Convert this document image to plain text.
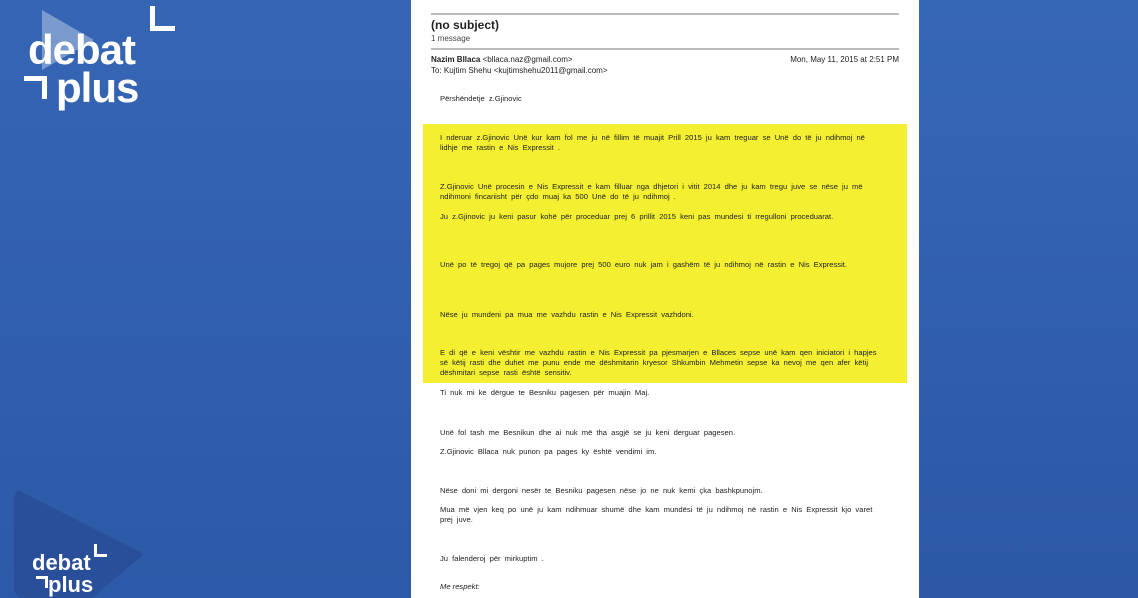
debat
plus
debat
plus
(no subject)
1 message
Nazim Bllaca <bllaca.naz@gmail.com>	Mon, May 11, 2015 at 2:51 PM
To: Kujtim Shehu <kujtimshehu2011@gmail.com>
Përshëndetje z.Gjinovic
I nderuar z.Gjinovic Unë kur kam fol me ju në fillim të muajit Prill 2015 ju kam treguar se Unë do të ju ndihmoj në lidhje me rastin e Nis Expressit .
Z.Gjinovic Unë procesin e Nis Expressit e kam filluar nga dhjetori i vitit 2014 dhe ju kam tregu juve se nëse ju më ndihmoni fincariisht për çdo muaj ka 500 Unë do të ju ndihmoj .
Ju z.Gjinovic ju keni pasur kohë për proceduar prej 6 prillit 2015 keni pas mundesi ti rregulloni proceduarat.
Unë po të tregoj që pa pages mujore prej 500 euro nuk jam i gashëm të ju ndihmoj në rastin e Nis Expressit.
Nëse ju mundeni pa mua me vazhdu rastin e Nis Expressit vazhdoni.
E di që e keni vështir me vazhdu rastin e Nis Expressit pa pjesmarjen e Bllaces sepse unë kam qen iniciatori i hapjes së këtij rasti dhe duhet me punu ende me dëshmitarin kryesor Shkumbin Mehmetin sepse ka nevoj me qen afer këtij dëshmitari sepse rasti është sensitiv.
Ti nuk mi ke dërgue te Besniku pagesen për muajin Maj.
Unë fol tash me Besnikun dhe ai nuk më tha asgjë se ju keni derguar pagesen.
Z.Gjinovic Bllaca nuk punon pa pages ky është vendimi im.
Nëse doni mi dergoni nesër te Besniku pagesen nëse jo ne nuk kemi çka bashkpunojm.
Mua më vjen keq po unë ju kam ndihmuar shumë dhe kam mundësi të ju ndihmoj në rastin e Nis Expressit kjo varet prej juve.
Ju falenderoj për mirkuptim .
Me respekt:
